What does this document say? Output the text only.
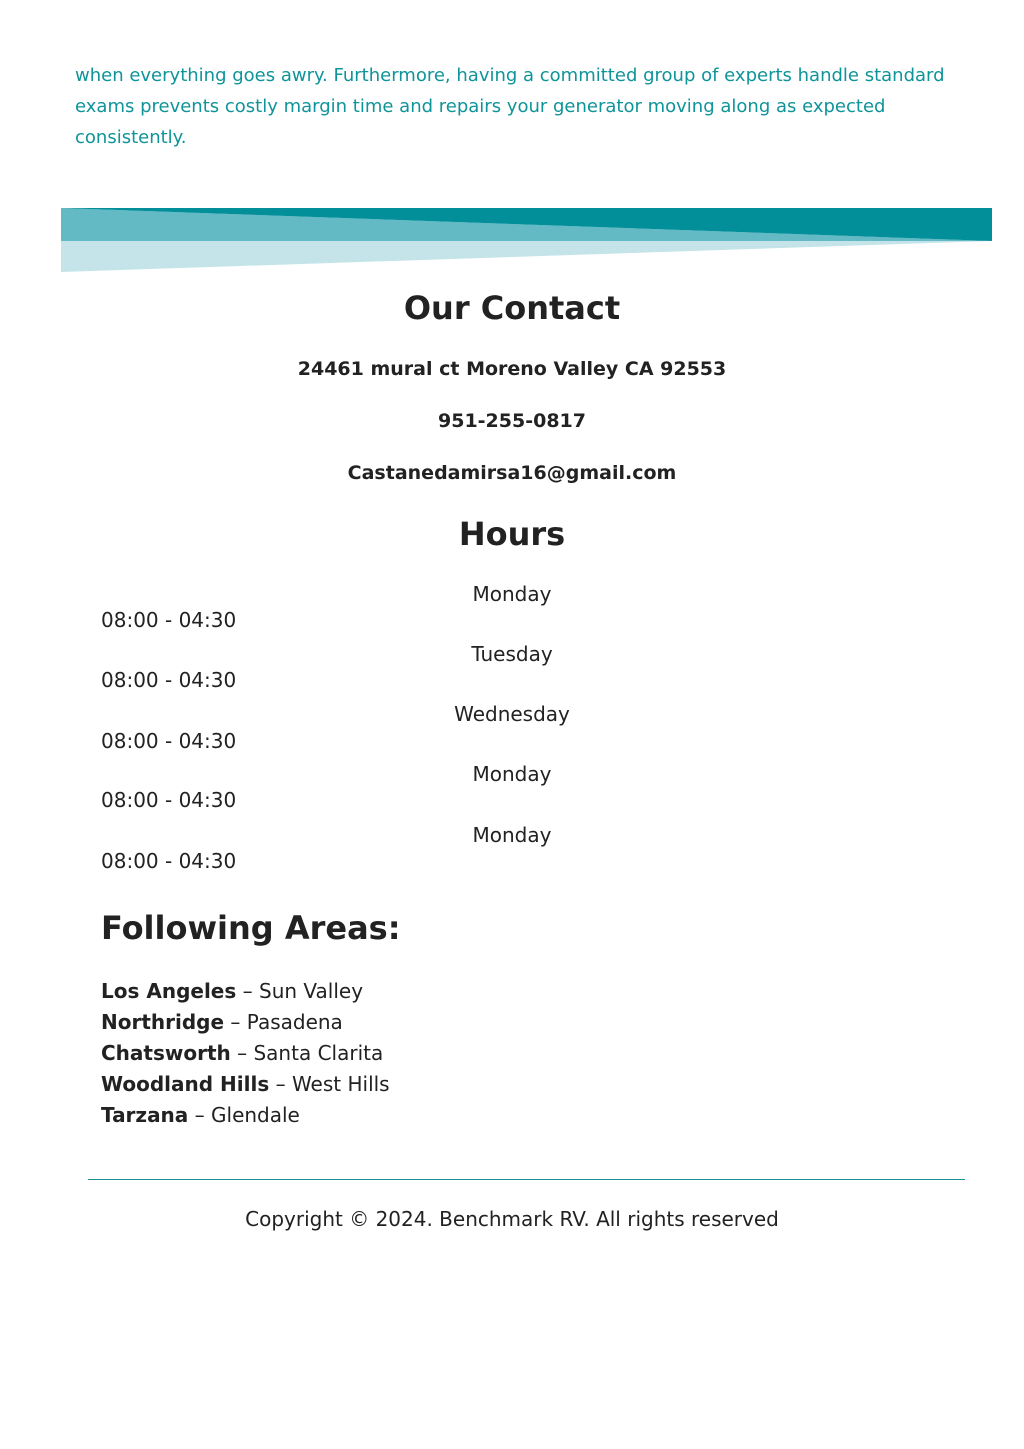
when everything goes awry. Furthermore, having a committed group of experts handle standard exams prevents costly margin time and repairs your generator moving along as expected consistently.

Our Contact

24461 mural ct Moreno Valley CA 92553

951-255-0817

Castanedamirsa16@gmail.com

Hours

Monday

08:00 - 04:30

Tuesday

08:00 - 04:30

Wednesday

08:00 - 04:30

Monday

08:00 - 04:30

Monday

08:00 - 04:30

Following Areas:
Los Angeles – Sun Valley
Northridge – Pasadena
Chatsworth – Santa Clarita
Woodland Hills – West Hills
Tarzana – Glendale

Copyright © 2024. Benchmark RV. All rights reserved
